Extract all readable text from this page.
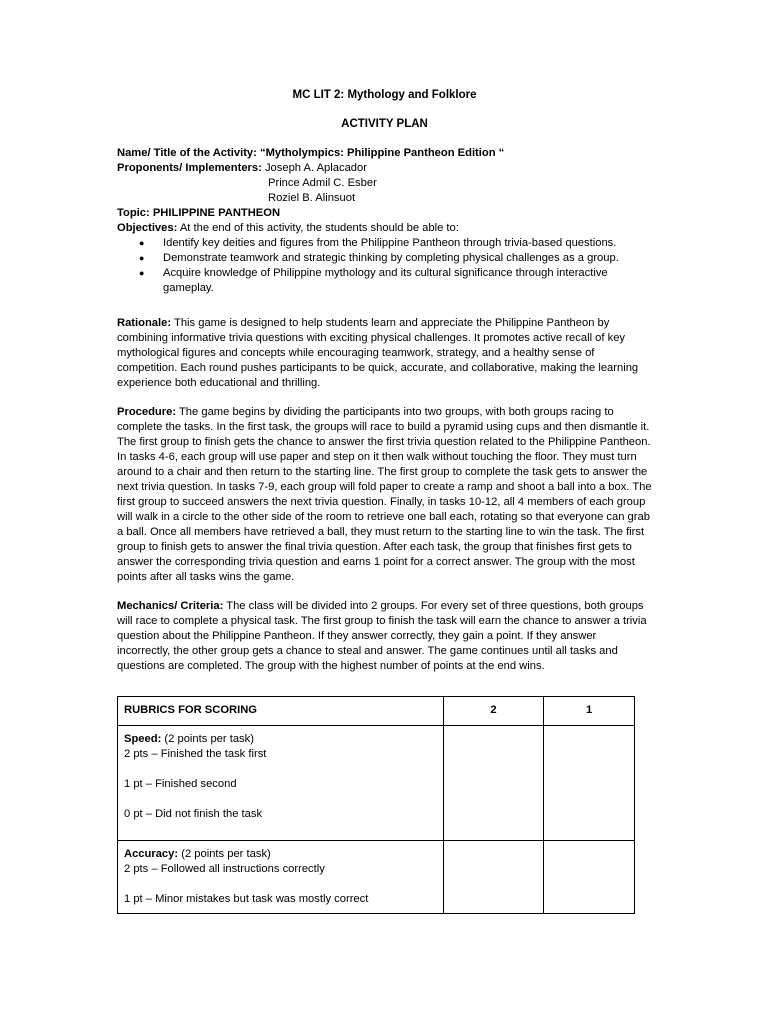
MC LIT 2: Mythology and Folklore

ACTIVITY PLAN

Name/ Title of the Activity: “Mytholympics: Philippine Pantheon Edition “

Proponents/ Implementers: Joseph A. Aplacador

Prince Admil C. Esber

Roziel B. Alinsuot

Topic: PHILIPPINE PANTHEON

Objectives: At the end of this activity, the students should be able to:

● Identify key deities and figures from the Philippine Pantheon through trivia-based questions.
● Demonstrate teamwork and strategic thinking by completing physical challenges as a group.
● Acquire knowledge of Philippine mythology and its cultural significance through interactive gameplay.

Rationale: This game is designed to help students learn and appreciate the Philippine Pantheon by combining informative trivia questions with exciting physical challenges. It promotes active recall of key mythological figures and concepts while encouraging teamwork, strategy, and a healthy sense of competition. Each round pushes participants to be quick, accurate, and collaborative, making the learning experience both educational and thrilling.

Procedure: The game begins by dividing the participants into two groups, with both groups racing to complete the tasks. In the first task, the groups will race to build a pyramid using cups and then dismantle it. The first group to finish gets the chance to answer the first trivia question related to the Philippine Pantheon. In tasks 4-6, each group will use paper and step on it then walk without touching the floor. They must turn around to a chair and then return to the starting line. The first group to complete the task gets to answer the next trivia question. In tasks 7-9, each group will fold paper to create a ramp and shoot a ball into a box. The first group to succeed answers the next trivia question. Finally, in tasks 10-12, all 4 members of each group will walk in a circle to the other side of the room to retrieve one ball each, rotating so that everyone can grab a ball. Once all members have retrieved a ball, they must return to the starting line to win the task. The first group to finish gets to answer the final trivia question. After each task, the group that finishes first gets to answer the corresponding trivia question and earns 1 point for a correct answer. The group with the most points after all tasks wins the game.

Mechanics/ Criteria: The class will be divided into 2 groups. For every set of three questions, both groups will race to complete a physical task. The first group to finish the task will earn the chance to answer a trivia question about the Philippine Pantheon. If they answer correctly, they gain a point. If they answer incorrectly, the other group gets a chance to steal and answer. The game continues until all tasks and questions are completed. The group with the highest number of points at the end wins.

RUBRICS FOR SCORING	2	1

Speed: (2 points per task)
2 pts – Finished the task first
1 pt – Finished second
0 pt – Did not finish the task		

Accuracy: (2 points per task)
2 pts – Followed all instructions correctly
1 pt – Minor mistakes but task was mostly correct		
